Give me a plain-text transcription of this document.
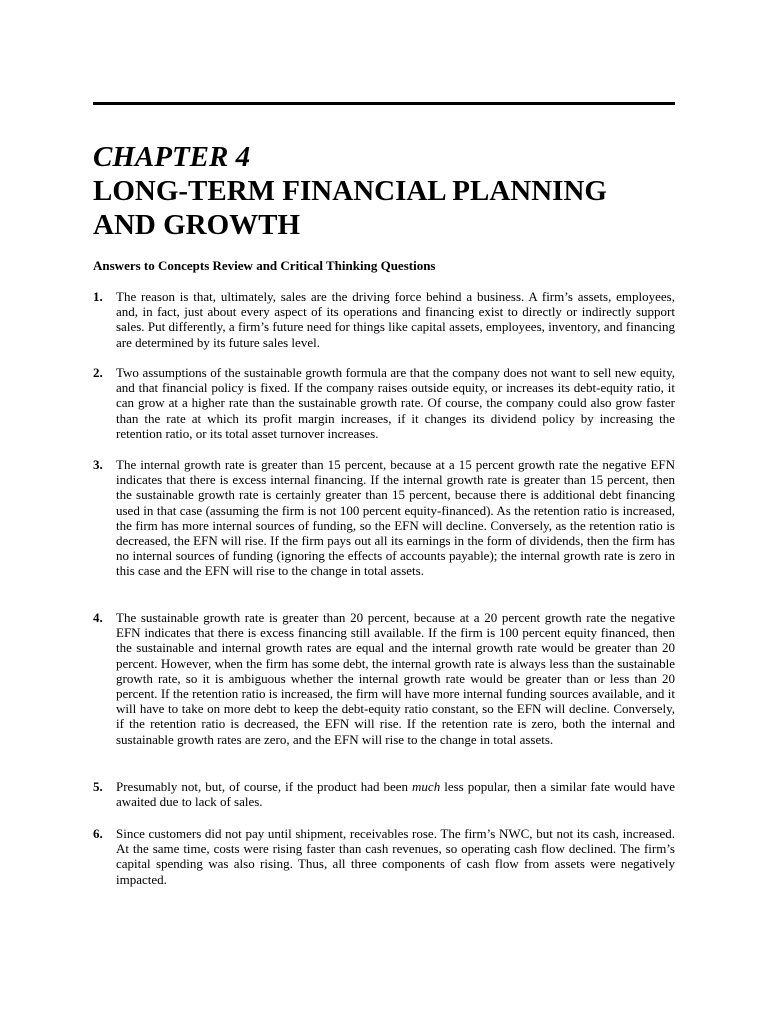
CHAPTER 4
LONG-TERM FINANCIAL PLANNING
AND GROWTH
Answers to Concepts Review and Critical Thinking Questions
1. The reason is that, ultimately, sales are the driving force behind a business. A firm’s assets, employees, and, in fact, just about every aspect of its operations and financing exist to directly or indirectly support sales. Put differently, a firm’s future need for things like capital assets, employees, inventory, and financing are determined by its future sales level.
2. Two assumptions of the sustainable growth formula are that the company does not want to sell new equity, and that financial policy is fixed. If the company raises outside equity, or increases its debt-equity ratio, it can grow at a higher rate than the sustainable growth rate. Of course, the company could also grow faster than the rate at which its profit margin increases, if it changes its dividend policy by increasing the retention ratio, or its total asset turnover increases.
3. The internal growth rate is greater than 15 percent, because at a 15 percent growth rate the negative EFN indicates that there is excess internal financing. If the internal growth rate is greater than 15 percent, then the sustainable growth rate is certainly greater than 15 percent, because there is additional debt financing used in that case (assuming the firm is not 100 percent equity-financed). As the retention ratio is increased, the firm has more internal sources of funding, so the EFN will decline. Conversely, as the retention ratio is decreased, the EFN will rise. If the firm pays out all its earnings in the form of dividends, then the firm has no internal sources of funding (ignoring the effects of accounts payable); the internal growth rate is zero in this case and the EFN will rise to the change in total assets.
4. The sustainable growth rate is greater than 20 percent, because at a 20 percent growth rate the negative EFN indicates that there is excess financing still available. If the firm is 100 percent equity financed, then the sustainable and internal growth rates are equal and the internal growth rate would be greater than 20 percent. However, when the firm has some debt, the internal growth rate is always less than the sustainable growth rate, so it is ambiguous whether the internal growth rate would be greater than or less than 20 percent. If the retention ratio is increased, the firm will have more internal funding sources available, and it will have to take on more debt to keep the debt-equity ratio constant, so the EFN will decline. Conversely, if the retention ratio is decreased, the EFN will rise. If the retention rate is zero, both the internal and sustainable growth rates are zero, and the EFN will rise to the change in total assets.
5. Presumably not, but, of course, if the product had been much less popular, then a similar fate would have awaited due to lack of sales.
6. Since customers did not pay until shipment, receivables rose. The firm’s NWC, but not its cash, increased. At the same time, costs were rising faster than cash revenues, so operating cash flow declined. The firm’s capital spending was also rising. Thus, all three components of cash flow from assets were negatively impacted.
